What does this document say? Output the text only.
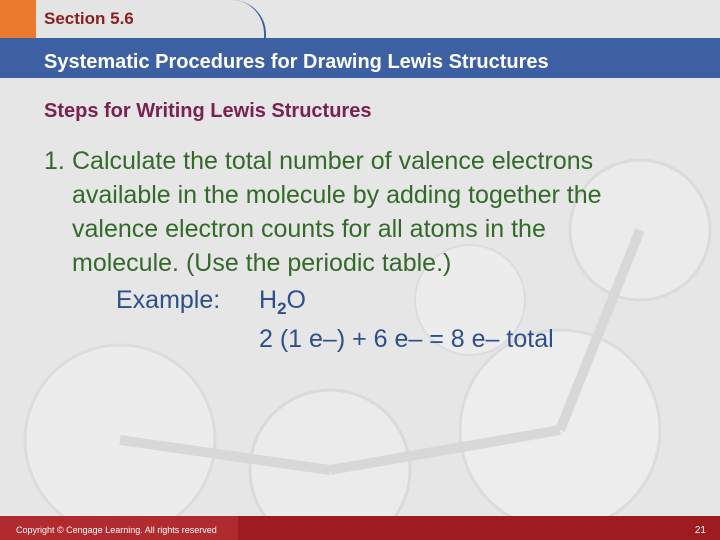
Section 5.6
Systematic Procedures for Drawing Lewis Structures
Steps for Writing Lewis Structures
1. Calculate the total number of valence electrons
available in the molecule by adding together the
valence electron counts for all atoms in the
molecule. (Use the periodic table.)
Example: $H_2O$
2 (1 e–) + 6 e– = 8 e– total
Copyright © Cengage Learning. All rights reserved	21
